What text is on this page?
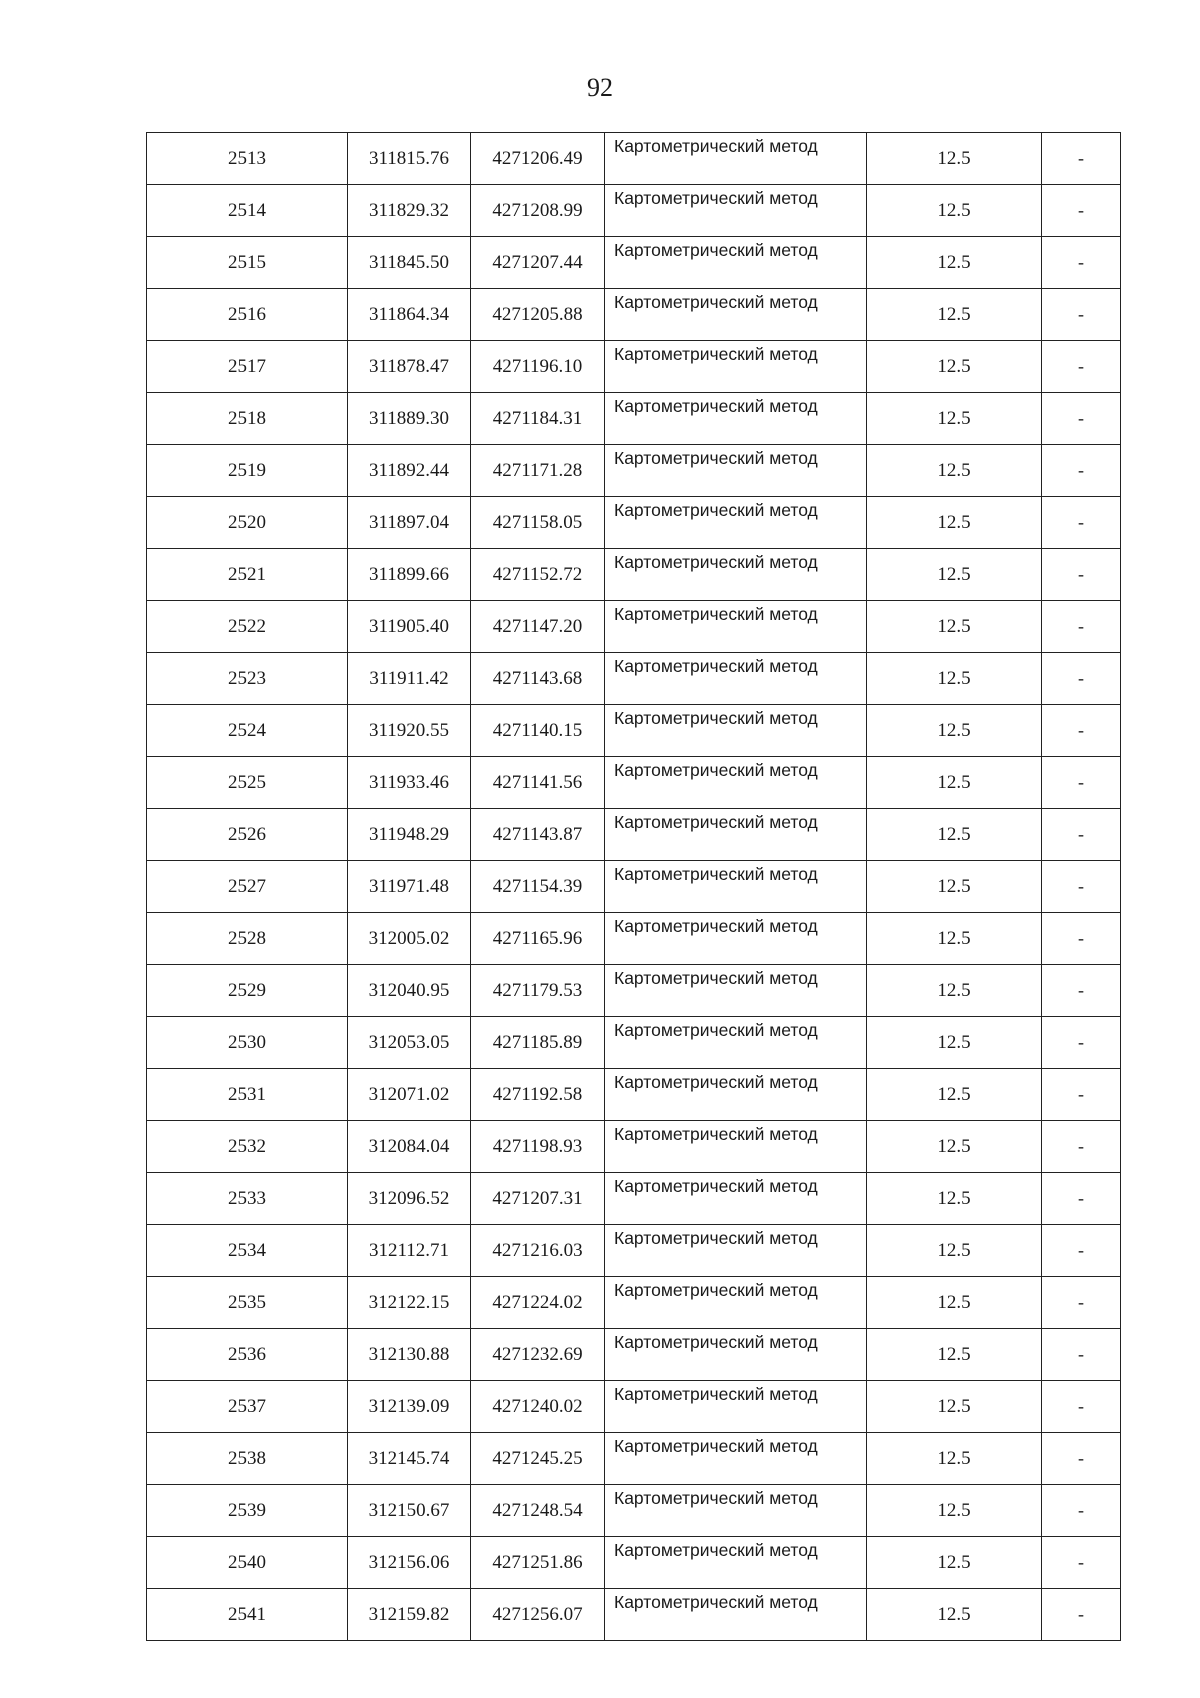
92
2513	311815.76	4271206.49	Картометрический метод	12.5	-
2514	311829.32	4271208.99	Картометрический метод	12.5	-
2515	311845.50	4271207.44	Картометрический метод	12.5	-
2516	311864.34	4271205.88	Картометрический метод	12.5	-
2517	311878.47	4271196.10	Картометрический метод	12.5	-
2518	311889.30	4271184.31	Картометрический метод	12.5	-
2519	311892.44	4271171.28	Картометрический метод	12.5	-
2520	311897.04	4271158.05	Картометрический метод	12.5	-
2521	311899.66	4271152.72	Картометрический метод	12.5	-
2522	311905.40	4271147.20	Картометрический метод	12.5	-
2523	311911.42	4271143.68	Картометрический метод	12.5	-
2524	311920.55	4271140.15	Картометрический метод	12.5	-
2525	311933.46	4271141.56	Картометрический метод	12.5	-
2526	311948.29	4271143.87	Картометрический метод	12.5	-
2527	311971.48	4271154.39	Картометрический метод	12.5	-
2528	312005.02	4271165.96	Картометрический метод	12.5	-
2529	312040.95	4271179.53	Картометрический метод	12.5	-
2530	312053.05	4271185.89	Картометрический метод	12.5	-
2531	312071.02	4271192.58	Картометрический метод	12.5	-
2532	312084.04	4271198.93	Картометрический метод	12.5	-
2533	312096.52	4271207.31	Картометрический метод	12.5	-
2534	312112.71	4271216.03	Картометрический метод	12.5	-
2535	312122.15	4271224.02	Картометрический метод	12.5	-
2536	312130.88	4271232.69	Картометрический метод	12.5	-
2537	312139.09	4271240.02	Картометрический метод	12.5	-
2538	312145.74	4271245.25	Картометрический метод	12.5	-
2539	312150.67	4271248.54	Картометрический метод	12.5	-
2540	312156.06	4271251.86	Картометрический метод	12.5	-
2541	312159.82	4271256.07	Картометрический метод	12.5	-
